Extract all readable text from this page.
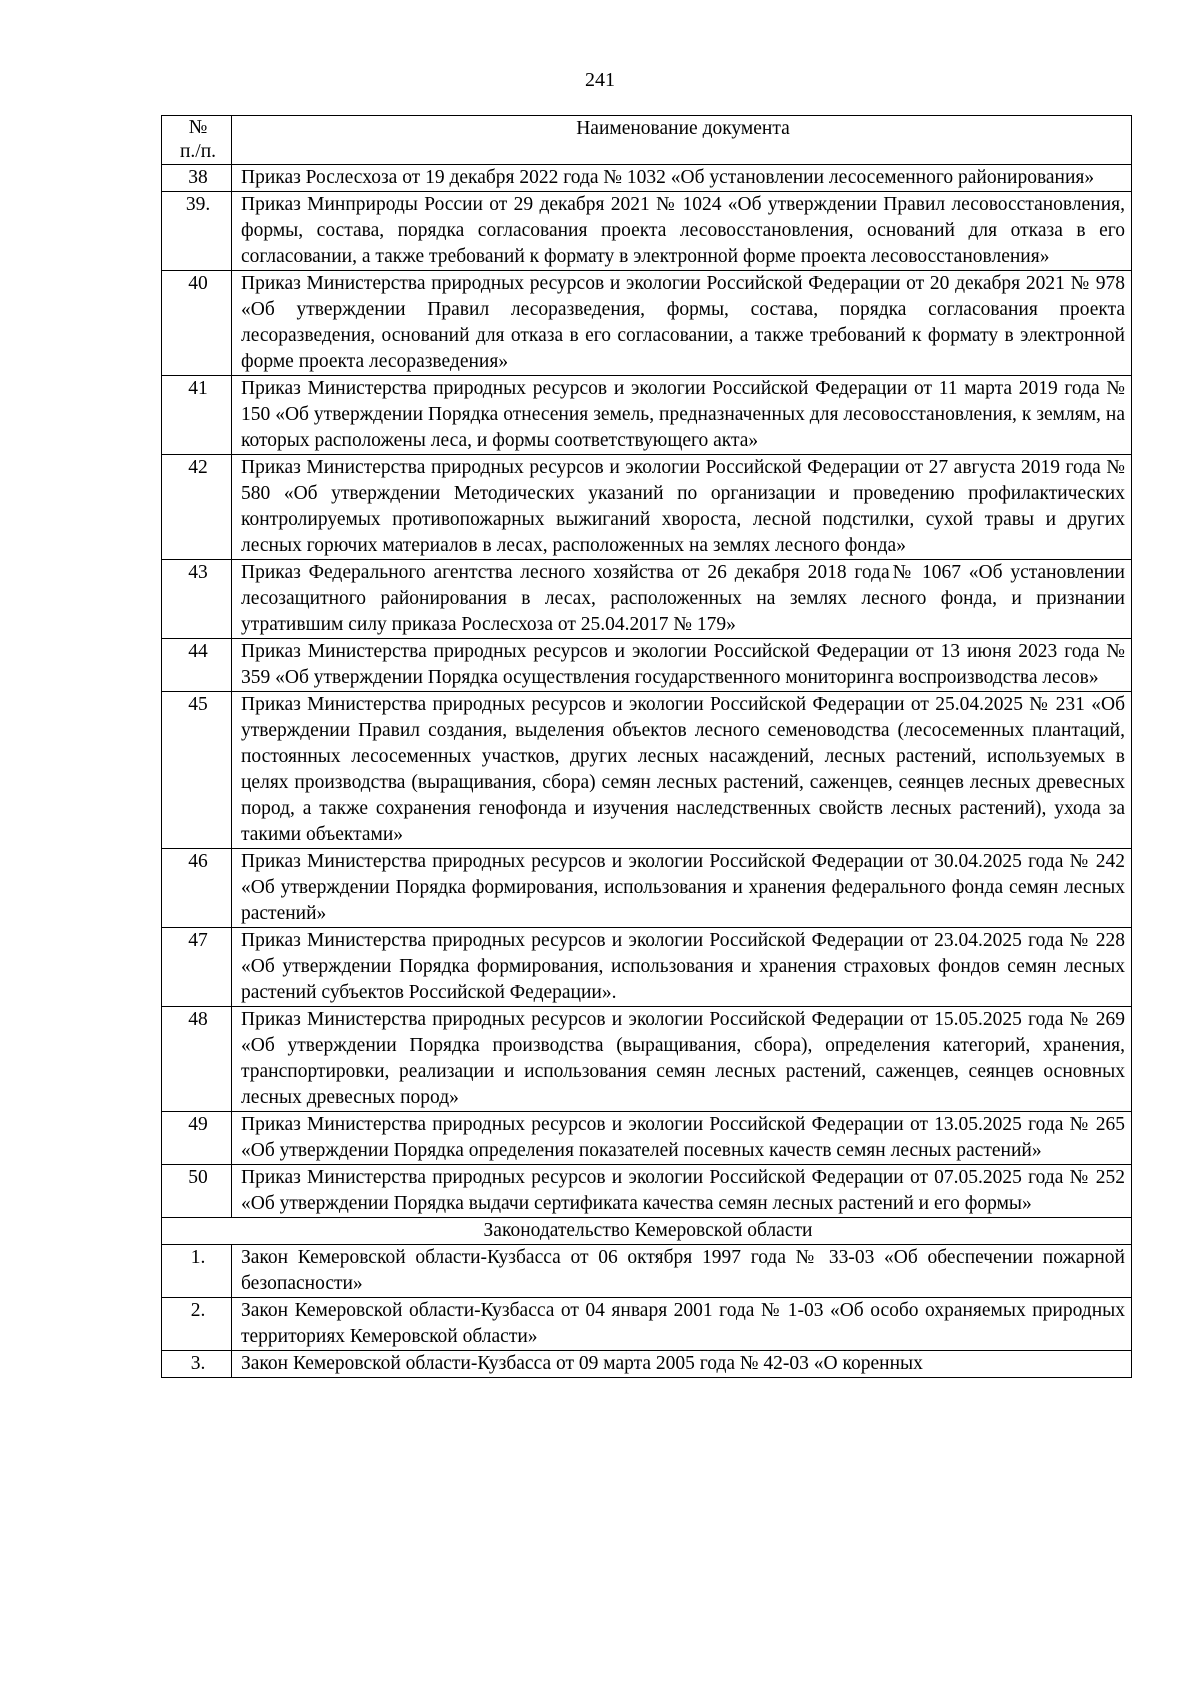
241
№
п./п.	Наименование документа
38	Приказ Рослесхоза от 19 декабря 2022 года № 1032 «Об установлении лесосеменного районирования»
39.	Приказ Минприроды России от 29 декабря 2021 № 1024 «Об утверждении Правил лесовосстановления, формы, состава, порядка согласования проекта лесовосстановления, оснований для отказа в его согласовании, а также требований к формату в электронной форме проекта лесовосстановления»
40	Приказ Министерства природных ресурсов и экологии Российской Федерации от 20 декабря 2021 № 978 «Об утверждении Правил лесоразведения, формы, состава, порядка согласования проекта лесоразведения, оснований для отказа в его согласовании, а также требований к формату в электронной форме проекта лесоразведения»
41	Приказ Министерства природных ресурсов и экологии Российской Федерации от 11 марта 2019 года № 150 «Об утверждении Порядка отнесения земель, предназначенных для лесовосстановления, к землям, на которых расположены леса, и формы соответствующего акта»
42	Приказ Министерства природных ресурсов и экологии Российской Федерации от 27 августа 2019 года № 580 «Об утверждении Методических указаний по организации и проведению профилактических контролируемых противопожарных выжиганий хвороста, лесной подстилки, сухой травы и других лесных горючих материалов в лесах, расположенных на землях лесного фонда»
43	Приказ Федерального агентства лесного хозяйства от 26 декабря 2018 года№ 1067 «Об установлении лесозащитного районирования в лесах, расположенных на землях лесного фонда, и признании утратившим силу приказа Рослесхоза от 25.04.2017 № 179»
44	Приказ Министерства природных ресурсов и экологии Российской Федерации от 13 июня 2023 года № 359 «Об утверждении Порядка осуществления государственного мониторинга воспроизводства лесов»
45	Приказ Министерства природных ресурсов и экологии Российской Федерации от 25.04.2025 № 231 «Об утверждении Правил создания, выделения объектов лесного семеноводства (лесосеменных плантаций, постоянных лесосеменных участков, других лесных насаждений, лесных растений, используемых в целях производства (выращивания, сбора) семян лесных растений, саженцев, сеянцев лесных древесных пород, а также сохранения генофонда и изучения наследственных свойств лесных растений), ухода за такими объектами»
46	Приказ Министерства природных ресурсов и экологии Российской Федерации от 30.04.2025 года № 242 «Об утверждении Порядка формирования, использования и хранения федерального фонда семян лесных растений»
47	Приказ Министерства природных ресурсов и экологии Российской Федерации от 23.04.2025 года № 228 «Об утверждении Порядка формирования, использования и хранения страховых фондов семян лесных растений субъектов Российской Федерации».
48	Приказ Министерства природных ресурсов и экологии Российской Федерации от 15.05.2025 года № 269 «Об утверждении Порядка производства (выращивания, сбора), определения категорий, хранения, транспортировки, реализации и использования семян лесных растений, саженцев, сеянцев основных лесных древесных пород»
49	Приказ Министерства природных ресурсов и экологии Российской Федерации от 13.05.2025 года № 265 «Об утверждении Порядка определения показателей посевных качеств семян лесных растений»
50	Приказ Министерства природных ресурсов и экологии Российской Федерации от 07.05.2025 года № 252 «Об утверждении Порядка выдачи сертификата качества семян лесных растений и его формы»
Законодательство Кемеровской области	
1.	Закон Кемеровской области-Кузбасса от 06 октября 1997 года № 33-03 «Об обеспечении пожарной безопасности»
2.	Закон Кемеровской области-Кузбасса от 04 января 2001 года № 1-03 «Об особо охраняемых природных территориях Кемеровской области»
3.	Закон Кемеровской области-Кузбасса от 09 марта 2005 года № 42-03 «О коренных
